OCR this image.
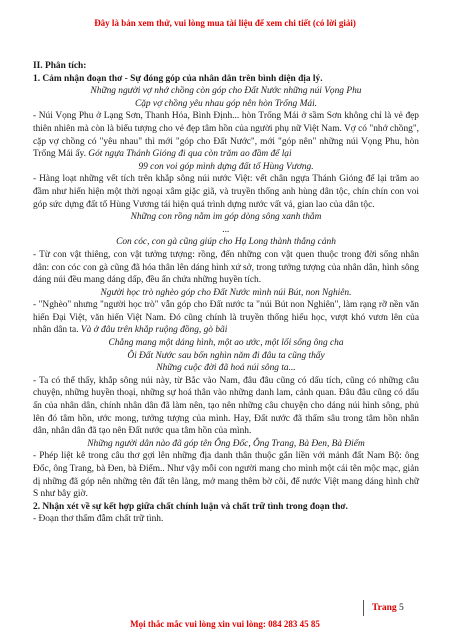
Đây là bản xem thử, vui lòng mua tài liệu để xem chi tiết (có lời giải)

II. Phân tích:

1. Cảm nhận đoạn thơ - Sự đóng góp của nhân dân trên bình diện địa lý.

Những người vợ nhớ chồng còn góp cho Đất Nước những núi Vọng Phu

Cặp vợ chồng yêu nhau góp nên hòn Trống Mái.

- Núi Vọng Phu ở Lạng Sơn, Thanh Hóa, Bình Định... hòn Trống Mái ở sầm Sơn không chỉ là vẻ đẹp thiên nhiên mà còn là biểu tượng cho vẻ đẹp tâm hồn của người phụ nữ Việt Nam. Vợ có "nhớ chồng", cặp vợ chồng có "yêu nhau" thì mới "góp cho Đất Nước", mới "góp nên" những núi Vọng Phu, hòn Trống Mái ấy. Gót ngựa Thánh Gióng đi qua còn trăm ao đầm để lại

99 con voi góp mình dựng đất tổ Hùng Vương.

- Hàng loạt những vết tích trên khắp sông núi nước Việt: vết chân ngựa Thánh Gióng để lại trăm ao đầm như hiển hiện một thời ngoại xâm giặc giã, và truyền thống anh hùng dân tộc, chín chín con voi góp sức dựng đất tổ Hùng Vương tái hiện quá trình dựng nước vất vả, gian lao của dân tộc.

Những con rồng nằm im góp dòng sông xanh thẳm

...

Con cóc, con gà cũng giúp cho Hạ Long thành thắng cảnh

- Từ con vật thiêng, con vật tưởng tượng: rồng, đến những con vật quen thuộc trong đời sống nhân dân: con cóc con gà cũng đã hóa thân lên dáng hình xứ sở, trong tưởng tượng của nhân dân, hình sông dáng núi đều mang dáng dấp, đều ẩn chứa những huyền tích.

Người học trò nghèo góp cho Đất Nước mình núi Bút, non Nghiên.

- "Nghèo" nhưng "người học trò" vẫn góp cho Đất nước ta "núi Bút non Nghiên", làm rạng rỡ nền văn hiến Đại Việt, văn hiến Việt Nam. Đó cũng chính là truyền thống hiếu học, vượt khó vươn lên của nhân dân ta. Và ở đâu trên khắp ruộng đồng, gò bãi

Chẳng mang một dáng hình, một ao ước, một lối sống ông cha

Ôi Đất Nước sau bốn nghìn năm đi đâu ta cũng thấy

Những cuộc đời đã hoá núi sông ta...

- Ta có thể thấy, khắp sông núi này, từ Bắc vào Nam, đâu đâu cũng có dấu tích, cũng có những câu chuyện, những huyền thoại, những sự hoá thân vào những danh lam, cảnh quan. Đâu đâu cũng có dấu ấn của nhân dân, chính nhân dân đã làm nên, tạo nên những câu chuyện cho dáng núi hình sông, phủ lên đó tâm hồn, ước mong, tưởng tượng của mình. Hay, Đất nước đã thấm sâu trong tâm hồn nhân dân, nhân dân đã tạo nên Đất nước qua tâm hồn của mình.

Những người dân nào đã góp tên Ông Đốc, Ông Trang, Bà Đen, Bà Điểm

- Phép liệt kê trong câu thơ gợi lên những địa danh thân thuộc gắn liền với mảnh đất Nam Bộ: ông Đốc, ông Trang, bà Đen, bà Điểm.. Như vậy mỗi con người mang cho mình một cái tên mộc mạc, giản dị những đã góp nên những tên đất tên làng, mở mang thêm bờ cõi, để nước Việt mang dáng hình chữ S như bây giờ.

2. Nhận xét về sự kết hợp giữa chất chính luận và chất trữ tình trong đoạn thơ.

- Đoạn thơ thấm đẫm chất trữ tình.

Trang 5
Mọi thắc mắc vui lòng xin vui lòng: 084 283 45 85
